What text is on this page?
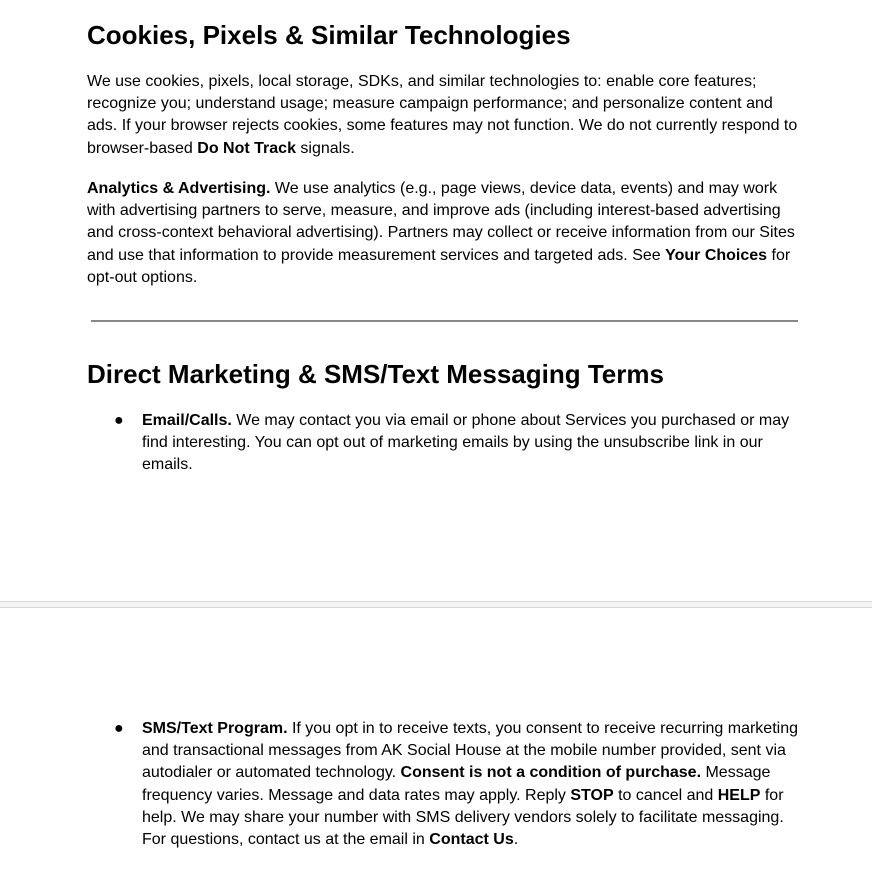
Cookies, Pixels & Similar Technologies

We use cookies, pixels, local storage, SDKs, and similar technologies to: enable core features; recognize you; understand usage; measure campaign performance; and personalize content and ads. If your browser rejects cookies, some features may not function. We do not currently respond to browser-based Do Not Track signals.

Analytics & Advertising. We use analytics (e.g., page views, device data, events) and may work with advertising partners to serve, measure, and improve ads (including interest-based advertising and cross-context behavioral advertising). Partners may collect or receive information from our Sites and use that information to provide measurement services and targeted ads. See Your Choices for opt-out options.

Direct Marketing & SMS/Text Messaging Terms
● Email/Calls. We may contact you via email or phone about Services you purchased or may find interesting. You can opt out of marketing emails by using the unsubscribe link in our emails.
● SMS/Text Program. If you opt in to receive texts, you consent to receive recurring marketing and transactional messages from AK Social House at the mobile number provided, sent via autodialer or automated technology. Consent is not a condition of purchase. Message frequency varies. Message and data rates may apply. Reply STOP to cancel and HELP for help. We may share your number with SMS delivery vendors solely to facilitate messaging. For questions, contact us at the email in Contact Us.
